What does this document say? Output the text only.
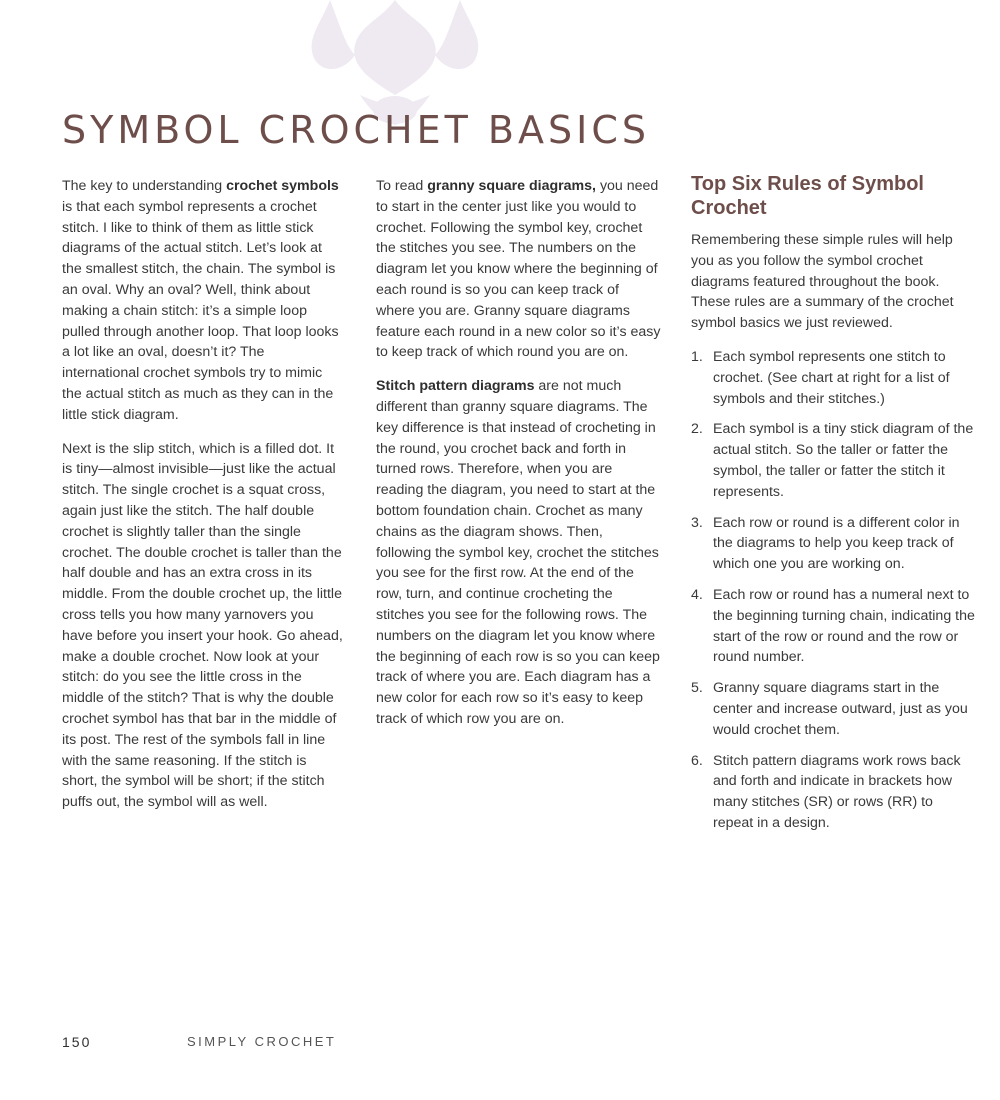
SYMBOL CROCHET BASICS

The key to understanding crochet symbols is that each symbol represents a crochet stitch. I like to think of them as little stick diagrams of the actual stitch. Let’s look at the smallest stitch, the chain. The symbol is an oval. Why an oval? Well, think about making a chain stitch: it’s a simple loop pulled through another loop. That loop looks a lot like an oval, doesn’t it? The international crochet symbols try to mimic the actual stitch as much as they can in the little stick diagram.

Next is the slip stitch, which is a filled dot. It is tiny—almost invisible—just like the actual stitch. The single crochet is a squat cross, again just like the stitch. The half double crochet is slightly taller than the single crochet. The double crochet is taller than the half double and has an extra cross in its middle. From the double crochet up, the little cross tells you how many yarnovers you have before you insert your hook. Go ahead, make a double crochet. Now look at your stitch: do you see the little cross in the middle of the stitch? That is why the double crochet symbol has that bar in the middle of its post. The rest of the symbols fall in line with the same reasoning. If the stitch is short, the symbol will be short; if the stitch puffs out, the symbol will as well.

To read granny square diagrams, you need to start in the center just like you would to crochet. Following the symbol key, crochet the stitches you see. The numbers on the diagram let you know where the beginning of each round is so you can keep track of where you are. Granny square diagrams feature each round in a new color so it’s easy to keep track of which round you are on.

Stitch pattern diagrams are not much different than granny square diagrams. The key difference is that instead of crocheting in the round, you crochet back and forth in turned rows. Therefore, when you are reading the diagram, you need to start at the bottom foundation chain. Crochet as many chains as the diagram shows. Then, following the symbol key, crochet the stitches you see for the first row. At the end of the row, turn, and continue crocheting the stitches you see for the following rows. The numbers on the diagram let you know where the beginning of each row is so you can keep track of where you are. Each diagram has a new color for each row so it’s easy to keep track of which row you are on.

Top Six Rules of Symbol Crochet

Remembering these simple rules will help you as you follow the symbol crochet diagrams featured throughout the book. These rules are a summary of the crochet symbol basics we just reviewed.

1. Each symbol represents one stitch to crochet. (See chart at right for a list of symbols and their stitches.)
2. Each symbol is a tiny stick diagram of the actual stitch. So the taller or fatter the symbol, the taller or fatter the stitch it represents.
3. Each row or round is a different color in the diagrams to help you keep track of which one you are working on.
4. Each row or round has a numeral next to the beginning turning chain, indicating the start of the row or round and the row or round number.
5. Granny square diagrams start in the center and increase outward, just as you would crochet them.
6. Stitch pattern diagrams work rows back and forth and indicate in brackets how many stitches (SR) or rows (RR) to repeat in a design.
150	SIMPLY CROCHET
